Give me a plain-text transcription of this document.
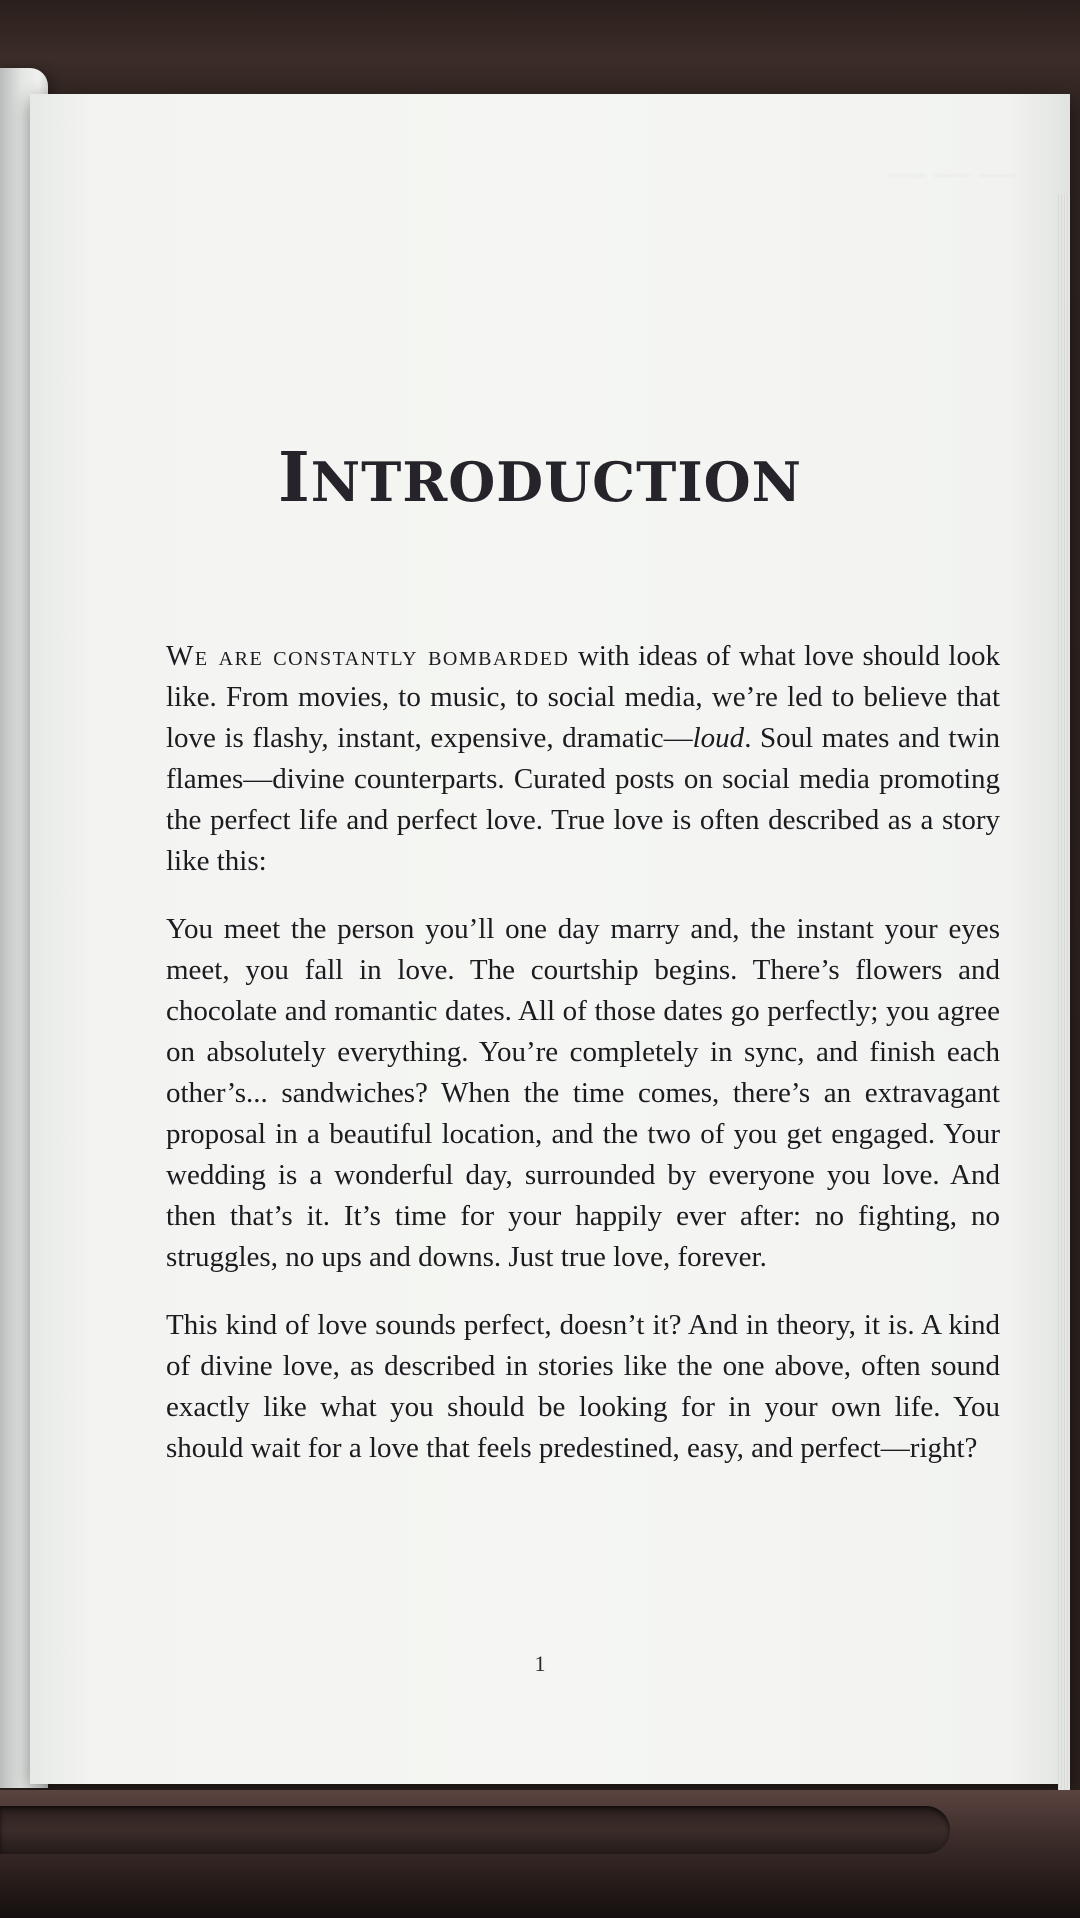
​— — —​

INTRODUCTION

We are constantly bombarded with ideas of what love should look like. From movies, to music, to social media, we’re led to believe that love is flashy, instant, expensive, dramatic—loud. Soul mates and twin flames—divine counterparts. Curated posts on social media promoting the perfect life and perfect love. True love is often described as a story like this:

You meet the person you’ll one day marry and, the instant your eyes meet, you fall in love. The courtship begins. There’s flowers and chocolate and romantic dates. All of those dates go perfectly; you agree on absolutely everything. You’re completely in sync, and finish each other’s... sandwiches? When the time comes, there’s an extravagant proposal in a beautiful location, and the two of you get engaged. Your wedding is a wonderful day, surrounded by everyone you love. And then that’s it. It’s time for your happily ever after: no fighting, no struggles, no ups and downs. Just true love, forever.

This kind of love sounds perfect, doesn’t it? And in theory, it is. A kind of divine love, as described in stories like the one above, often sound exactly like what you should be looking for in your own life. You should wait for a love that feels predestined, easy, and perfect—right?

1
